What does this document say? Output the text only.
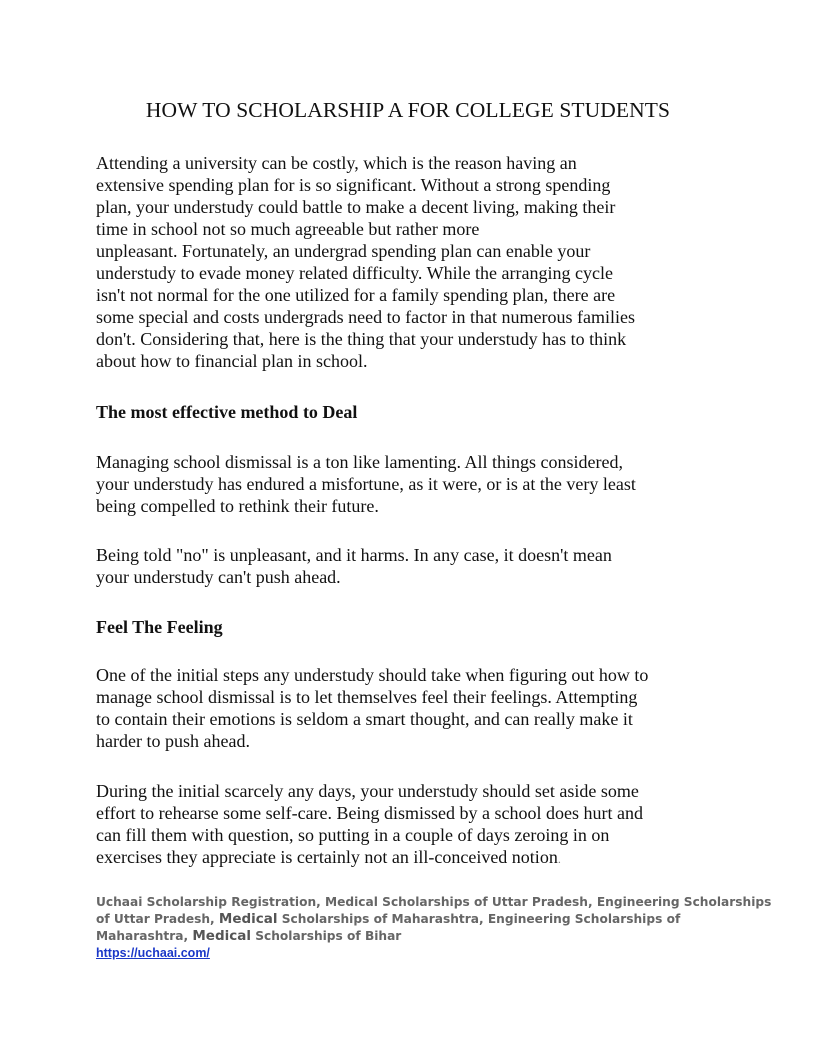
HOW TO SCHOLARSHIP A FOR COLLEGE STUDENTS
Attending a university can be costly, which is the reason having an
extensive spending plan for is so significant. Without a strong spending
plan, your understudy could battle to make a decent living, making their
time in school not so much agreeable but rather more
unpleasant. Fortunately, an undergrad spending plan can enable your
understudy to evade money related difficulty. While the arranging cycle
isn't not normal for the one utilized for a family spending plan, there are
some special and costs undergrads need to factor in that numerous families
don't. Considering that, here is the thing that your understudy has to think
about how to financial plan in school.
The most effective method to Deal
Managing school dismissal is a ton like lamenting. All things considered,
your understudy has endured a misfortune, as it were, or is at the very least
being compelled to rethink their future.
Being told "no" is unpleasant, and it harms. In any case, it doesn't mean
your understudy can't push ahead.
Feel The Feeling
One of the initial steps any understudy should take when figuring out how to
manage school dismissal is to let themselves feel their feelings. Attempting
to contain their emotions is seldom a smart thought, and can really make it
harder to push ahead.
During the initial scarcely any days, your understudy should set aside some
effort to rehearse some self-care. Being dismissed by a school does hurt and
can fill them with question, so putting in a couple of days zeroing in on
exercises they appreciate is certainly not an ill-conceived notion.
Uchaai Scholarship Registration, Medical Scholarships of Uttar Pradesh, Engineering Scholarships
of Uttar Pradesh, Medical Scholarships of Maharashtra, Engineering Scholarships of
Maharashtra, Medical Scholarships of Bihar
https://uchaai.com/
